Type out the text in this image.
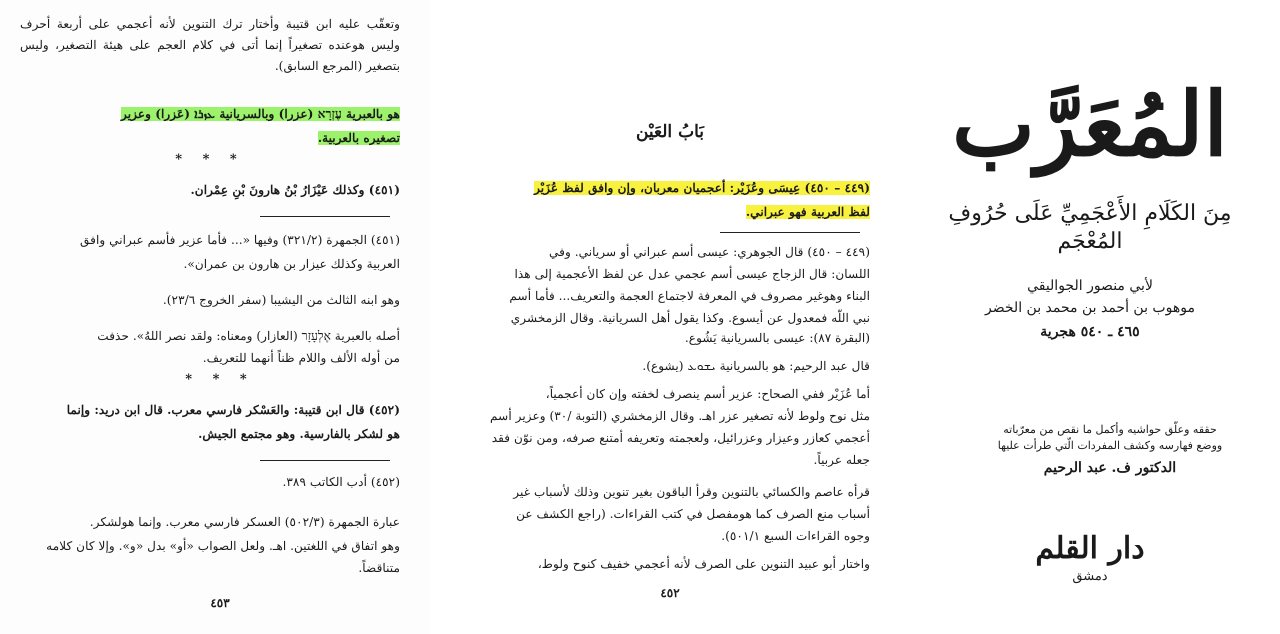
وتعقّب عليه ابن قتيبة وأختار ترك التنوين لأنه أعجمي على أربعة أحرف وليس هوعنده تصغيراً إنما أتى في كلام العجم على هيئة التصغير، وليس بتصغير (المرجع السابق).
هو بالعبرية עֶזְרָא (عزرا) وبالسريانية ܥܙܪܐ (عَزرا) وعزير
تصغيره بالعربية.
* * *
(٤٥١) وكذلك عَيْزَارُ بْنُ هارونَ بْنِ عِمْران.
(٤٥١) الجمهرة (٣٢١/٢) وفيها «... فأما عزير فأسم عبراني وافق
العربية وكذلك عيزار بن هارون بن عمران».
وهو ابنه الثالث من اليشيبا (سفر الخروج ٢٣/٦).
أصله بالعبرية אֶלְעָזָר (العازار) ومعناه: ولقد نصر اللهُ». حذفت
من أوله الألف واللام ظناً أنهما للتعريف.
* * *
(٤٥٢) قال ابن قتيبة: والعَسْكر فارسي معرب. قال ابن دريد: وإنما
هو لشكر بالفارسية. وهو مجتمع الجيش.
(٤٥٢) أدب الكاتب ٣٨٩.
عبارة الجمهرة (٥٠٢/٣) العسكر فارسي معرب. وإنما هولشكر.
وهو اتفاق في اللغتين. اهـ. ولعل الصواب «أو» بدل «و». وإلا كان كلامه
متناقضاً.
٤٥٣
بَابُ العَيْن
(٤٤٩ – ٤٥٠) عِيسَى وعُزَيْر: أعجميان معربان، وإن وافق لفظ عُزَيْر
لفظ العربية فهو عبراني.
(٤٤٩ – ٤٥٠) قال الجوهري: عيسى أسم عبراني أو سرياني. وفي
اللسان: قال الزجاج عيسى أسم عجمي عدل عن لفظ الأعجمية إلى هذا
البناء وهوغير مصروف في المعرفة لاجتماع العجمة والتعريف... فأما أسم
نبي اللّه فمعدول عن أيسوع. وكذا يقول أهل السريانية. وقال الزمخشري
(البقرة ٨٧): عيسى بالسريانية يَشُوع.
قال عبد الرحيم: هو بالسريانية ܝܫܘܥ (يشوع).
أما عُزَيْر ففي الصحاح: عزير أسم ينصرف لخفته وإن كان أعجمياً،
مثل نوح ولوط لأنه تصغير عزر اهـ. وقال الزمخشري (التوبة /٣٠) وعزير أسم
أعجمي كعازر وعيزار وعزرائيل، ولعجمته وتعريفه أمتنع صرفه، ومن نوّن فقد
جعله عربياً.
قرأه عاصم والكسائي بالتنوين وقرأ الباقون بغير تنوين وذلك لأسباب غير
أسباب منع الصرف كما هومفصل في كتب القراءات. (راجع الكشف عن
وجوه القراءات السبع ٥٠١/١).
واختار أبو عبيد التنوين على الصرف لأنه أعجمي خفيف كنوح ولوط،
٤٥٢
المُعَرَّب
مِنَ الكَلَامِ الأَعْجَمِيِّ عَلَى حُرُوفِ المُعْجَم
لأبي منصور الجواليقي
موهوب بن أحمد بن محمد بن الخضر
٤٦٥ ـ ٥٤٠ هجرية
حققه وعلّق حواشيه وأكمل ما نقص من معرّباته
ووضع فهارسه وكشف المفردات الّتي طرأت عليها
الدكتور ف. عبد الرحيم
دار القلم
دمشق
